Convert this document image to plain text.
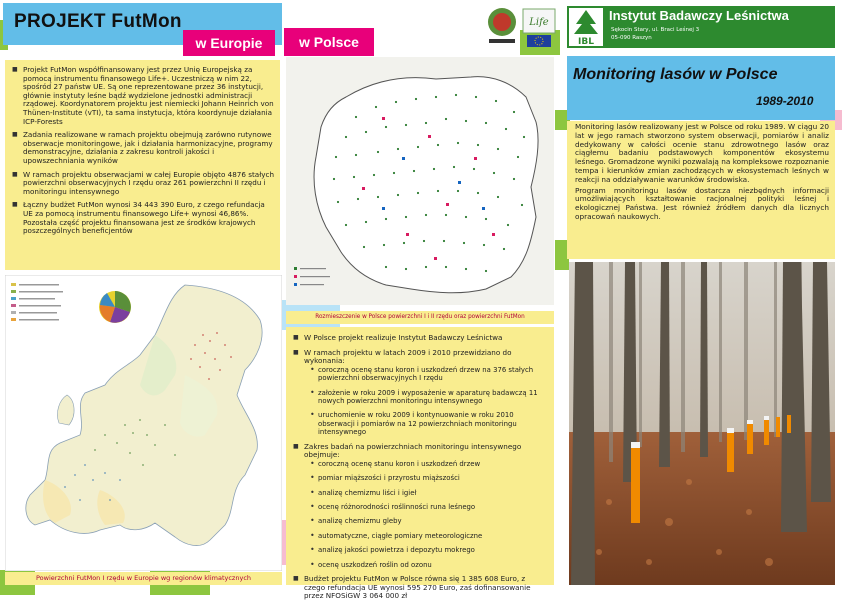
PROJEKT FutMon	Life
w Europie	w Polsce
■ Projekt FutMon współfinansowany jest przez Unię Europejską za pomocą instrumentu finansowego Life+. Uczestniczą w nim 22, spośród 27 państw UE. Są one reprezentowane przez 36 instytucji, głównie instytuty leśne bądź wydzielone jednostki administracji rządowej. Koordynatorem projektu jest niemiecki Johann Heinrich von Thünen-Institute (vTI), ta sama instytucja, która koordynuje działania ICP-Forests
■ Zadania realizowane w ramach projektu obejmują zarówno rutynowe obserwacje monitoringowe, jak i działania harmonizacyjne, programy demonstracyjne, działania z zakresu kontroli jakości i upowszechniania wyników
■ W ramach projektu obserwacjami w całej Europie objęto 4876 stałych powierzchni obserwacyjnych I rzędu oraz 261 powierzchni II rzędu i monitoringu intensywnego
■ Łączny budżet FutMon wynosi 34 443 390 Euro, z czego refundacja UE za pomocą instrumentu finansowego Life+ wynosi 46,86%. Pozostała część projektu finansowana jest ze środków krajowych poszczególnych beneficjentów
Powierzchni FutMon I rzędu w Europie wg regionów klimatycznych
Rozmieszczenie w Polsce powierzchni I i II rzędu oraz powierzchni FutMon
■ W Polsce projekt realizuje Instytut Badawczy Leśnictwa
■ W ramach projektu w latach 2009 i 2010 przewidziano do wykonania:
• coroczną ocenę stanu koron i uszkodzeń drzew na 376 stałych powierzchni obserwacyjnych I rzędu
• założenie w roku 2009 i wyposażenie w aparaturę badawczą 11 nowych powierzchni monitoringu intensywnego
• uruchomienie w roku 2009 i kontynuowanie w roku 2010 obserwacji i pomiarów na 12 powierzchniach monitoringu intensywnego
■ Zakres badań na powierzchniach monitoringu intensywnego obejmuje:
• coroczną ocenę stanu koron i uszkodzeń drzew
• pomiar miąższości i przyrostu miąższości
• analizę chemizmu liści i igieł
• ocenę różnorodności roślinności runa leśnego
• analizę chemizmu gleby
• automatyczne, ciągłe pomiary meteorologiczne
• analizę jakości powietrza i depozytu mokrego
• ocenę uszkodzeń roślin od ozonu
■ Budżet projektu FutMon w Polsce równa się 1 385 608 Euro, z czego refundacja UE wynosi 595 270 Euro, zaś dofinansowanie przez NFOSiGW 3 064 000 zł
IBL
Instytut Badawczy Leśnictwa
Sękocin Stary, ul. Braci Leśnej 3
05-090 Raszyn
Monitoring lasów w Polsce
1989-2010

Monitoring lasów realizowany jest w Polsce od roku 1989. W ciągu 20 lat w jego ramach stworzono system obserwacji, pomiarów i analiz dedykowany w całości ocenie stanu zdrowotnego lasów oraz ciągłemu badaniu podstawowych komponentów ekosystemu leśnego. Gromadzone wyniki pozwalają na kompleksowe rozpoznanie tempa i kierunków zmian zachodzących w ekosystemach leśnych w reakcji na oddziaływanie warunków środowiska.

Program monitoringu lasów dostarcza niezbędnych informacji umożliwiających kształtowanie racjonalnej polityki leśnej i ekologicznej Państwa. Jest również źródłem danych dla licznych opracowań naukowych.
